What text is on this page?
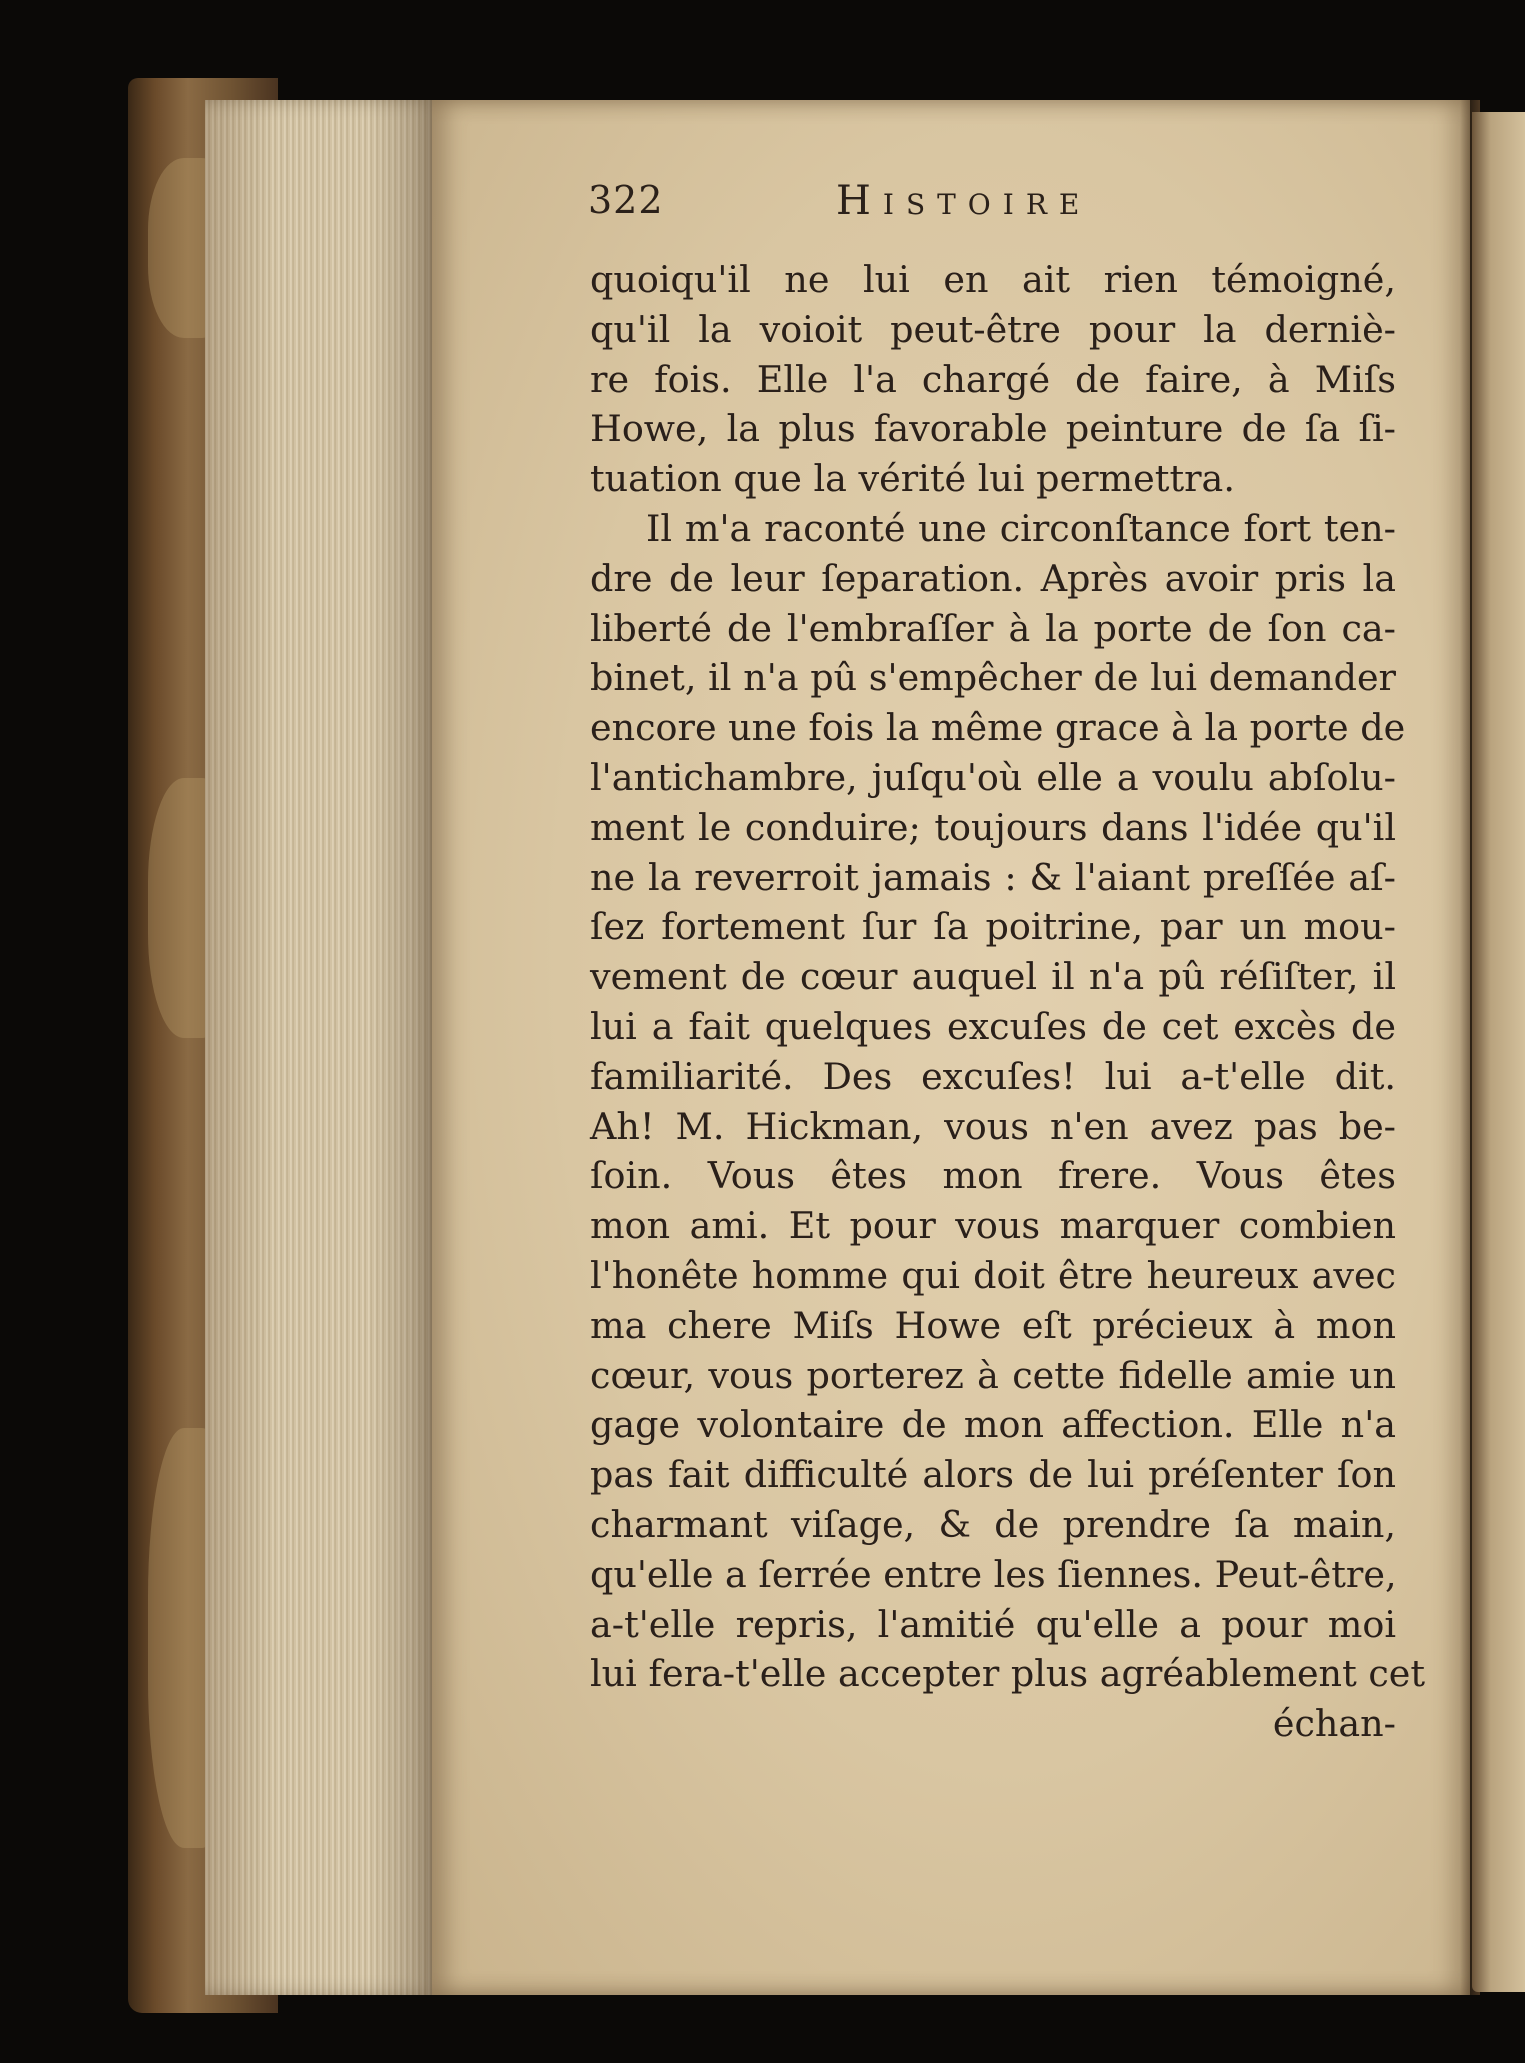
322	Histoire
quoiqu'il ne lui en ait rien témoigné,
qu'il la voioit peut-être pour la derniè-
re fois. Elle l'a chargé de faire, à Miſs
Howe, la plus favorable peinture de ſa ſi-
tuation que la vérité lui permettra.
Il m'a raconté une circonſtance fort ten-
dre de leur ſeparation. Après avoir pris la
liberté de l'embraſſer à la porte de ſon ca-
binet, il n'a pû s'empêcher de lui demander
encore une fois la même grace à la porte de
l'antichambre, juſqu'où elle a voulu abſolu-
ment le conduire; toujours dans l'idée qu'il
ne la reverroit jamais : & l'aiant preſſée aſ-
ſez fortement ſur ſa poitrine, par un mou-
vement de cœur auquel il n'a pû réſiſter, il
lui a fait quelques excuſes de cet excès de
familiarité. Des excuſes! lui a-t'elle dit.
Ah! M. Hickman, vous n'en avez pas be-
ſoin. Vous êtes mon frere. Vous êtes
mon ami. Et pour vous marquer combien
l'honête homme qui doit être heureux avec
ma chere Miſs Howe eſt précieux à mon
cœur, vous porterez à cette fidelle amie un
gage volontaire de mon affection. Elle n'a
pas fait difficulté alors de lui préſenter ſon
charmant viſage, & de prendre ſa main,
qu'elle a ſerrée entre les ſiennes. Peut-être,
a-t'elle repris, l'amitié qu'elle a pour moi
lui fera-t'elle accepter plus agréablement cet
échan-
